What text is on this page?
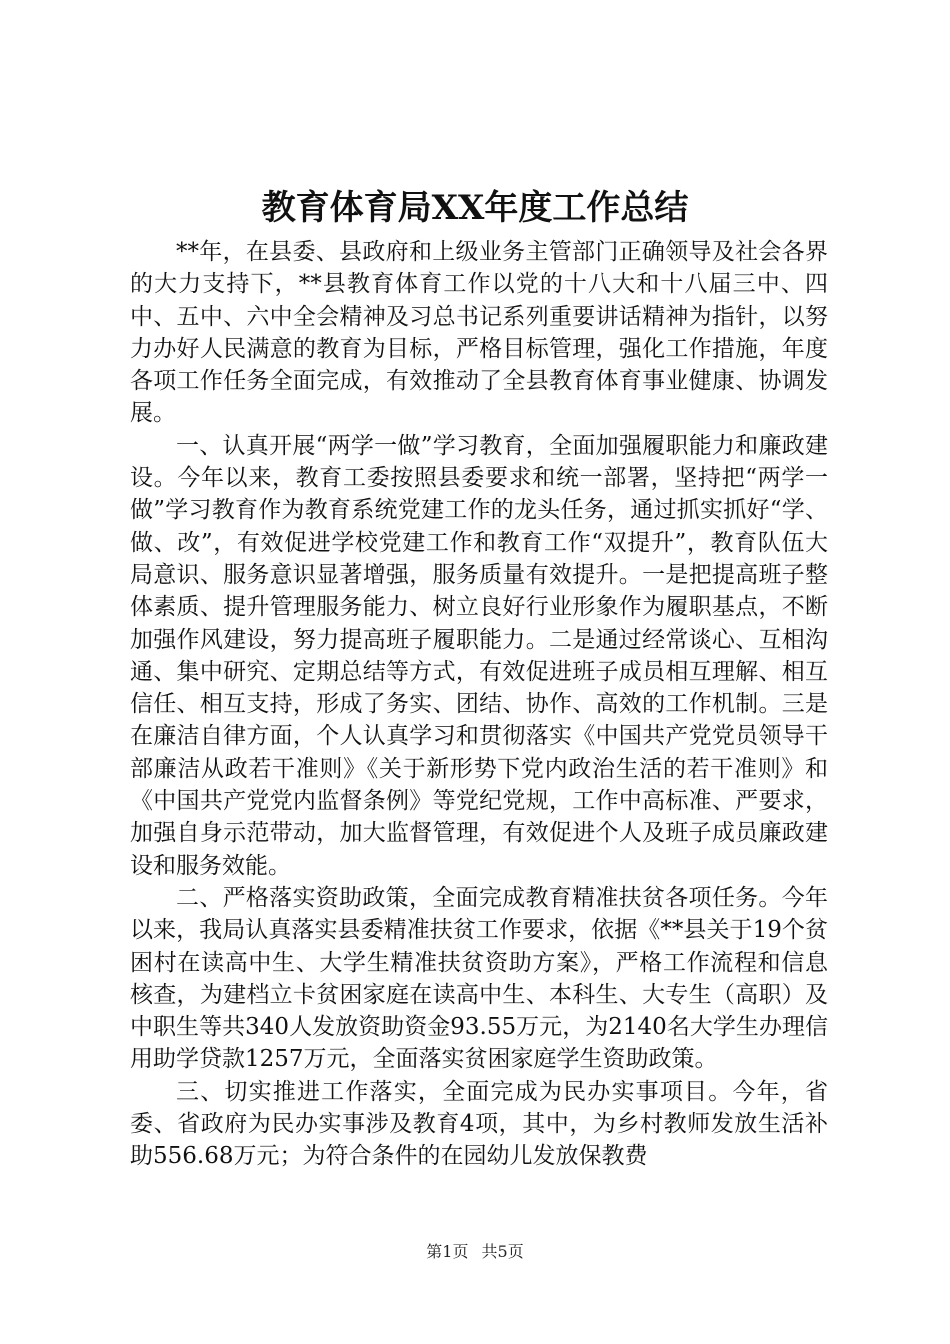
教育体育局XX年度工作总结

**年，在县委、县政府和上级业务主管部门正确领导及社会各界的大力支持下，**县教育体育工作以党的十八大和十八届三中、四中、五中、六中全会精神及习总书记系列重要讲话精神为指针，以努力办好人民满意的教育为目标，严格目标管理，强化工作措施，年度各项工作任务全面完成，有效推动了全县教育体育事业健康、协调发展。

一、认真开展“两学一做”学习教育，全面加强履职能力和廉政建设。今年以来，教育工委按照县委要求和统一部署，坚持把“两学一做”学习教育作为教育系统党建工作的龙头任务，通过抓实抓好“学、做、改”，有效促进学校党建工作和教育工作“双提升”，教育队伍大局意识、服务意识显著增强，服务质量有效提升。一是把提高班子整体素质、提升管理服务能力、树立良好行业形象作为履职基点，不断加强作风建设，努力提高班子履职能力。二是通过经常谈心、互相沟通、集中研究、定期总结等方式，有效促进班子成员相互理解、相互信任、相互支持，形成了务实、团结、协作、高效的工作机制。三是在廉洁自律方面，个人认真学习和贯彻落实《中国共产党党员领导干部廉洁从政若干准则》《关于新形势下党内政治生活的若干准则》和《中国共产党党内监督条例》等党纪党规，工作中高标准、严要求，加强自身示范带动，加大监督管理，有效促进个人及班子成员廉政建设和服务效能。

二、严格落实资助政策，全面完成教育精准扶贫各项任务。今年以来，我局认真落实县委精准扶贫工作要求，依据《**县关于19个贫困村在读高中生、大学生精准扶贫资助方案》，严格工作流程和信息核查，为建档立卡贫困家庭在读高中生、本科生、大专生（高职）及中职生等共340人发放资助资金93.55万元，为2140名大学生办理信用助学贷款1257万元，全面落实贫困家庭学生资助政策。

三、切实推进工作落实，全面完成为民办实事项目。今年，省委、省政府为民办实事涉及教育4项，其中，为乡村教师发放生活补助556.68万元；为符合条件的在园幼儿发放保教费

第1页 共5页
